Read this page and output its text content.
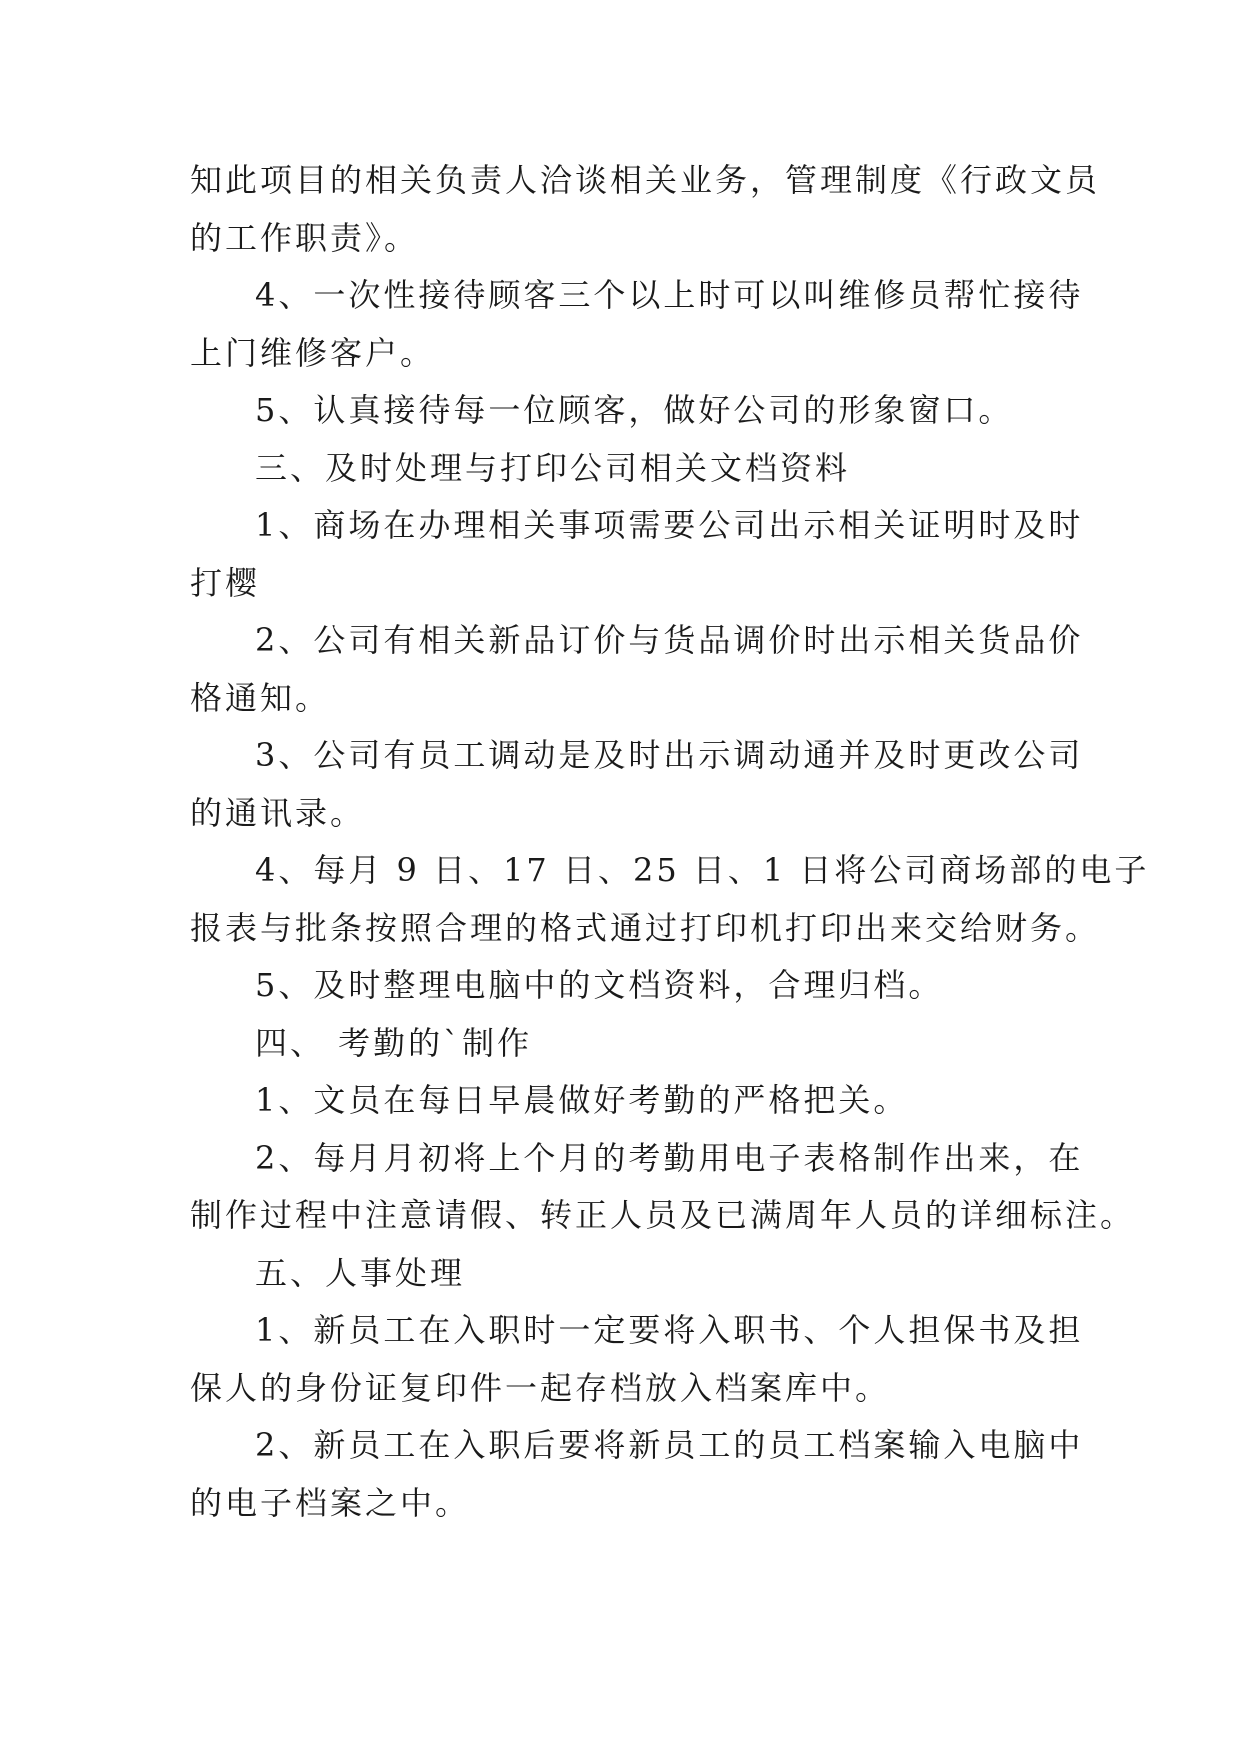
知此项目的相关负责人洽谈相关业务，管理制度《行政文员
的工作职责》。
4、一次性接待顾客三个以上时可以叫维修员帮忙接待
上门维修客户。
5、认真接待每一位顾客，做好公司的形象窗口。
三、及时处理与打印公司相关文档资料
1、商场在办理相关事项需要公司出示相关证明时及时
打樱
2、公司有相关新品订价与货品调价时出示相关货品价
格通知。
3、公司有员工调动是及时出示调动通并及时更改公司
的通讯录。
4、每月 9 日、17 日、25 日、1 日将公司商场部的电子
报表与批条按照合理的格式通过打印机打印出来交给财务。
5、及时整理电脑中的文档资料，合理归档。
四、 考勤的`制作
1、文员在每日早晨做好考勤的严格把关。
2、每月月初将上个月的考勤用电子表格制作出来，在
制作过程中注意请假、转正人员及已满周年人员的详细标注。
五、人事处理
1、新员工在入职时一定要将入职书、个人担保书及担
保人的身份证复印件一起存档放入档案库中。
2、新员工在入职后要将新员工的员工档案输入电脑中
的电子档案之中。
